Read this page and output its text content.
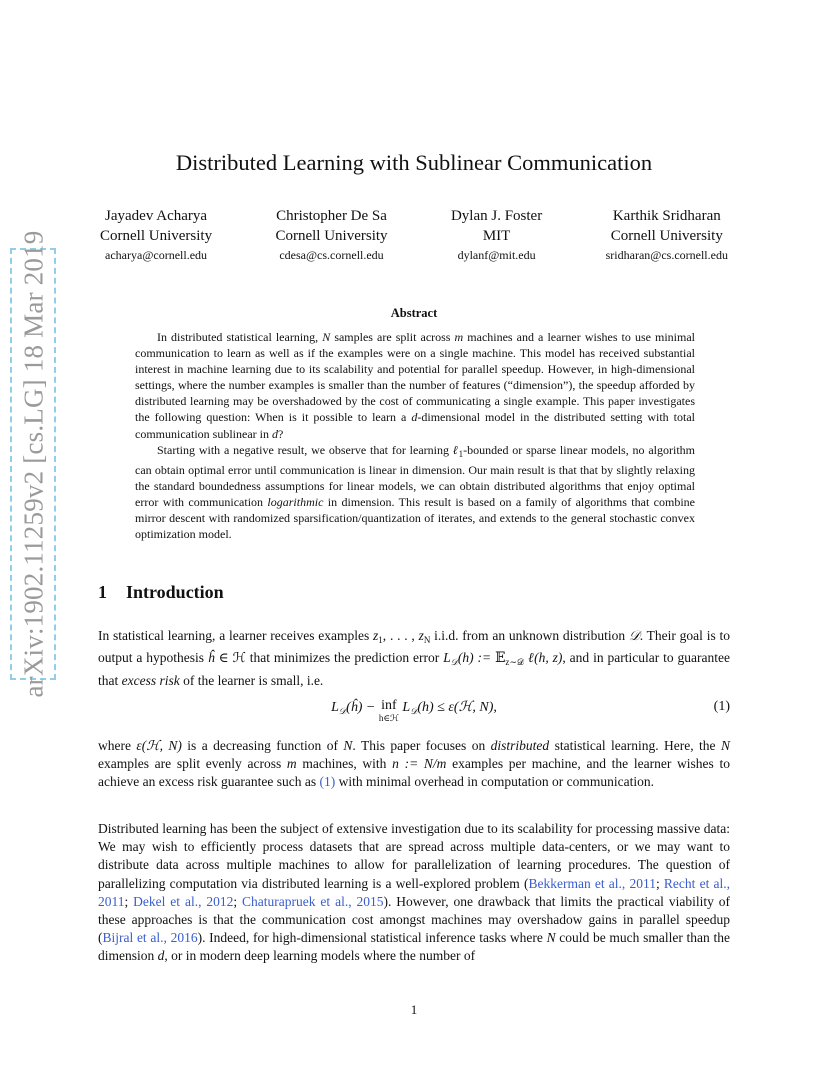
arXiv:1902.11259v2 [cs.LG] 18 Mar 2019
Distributed Learning with Sublinear Communication
Jayadev Acharya
Cornell University
acharya@cornell.edu
Christopher De Sa
Cornell University
cdesa@cs.cornell.edu
Dylan J. Foster
MIT
dylanf@mit.edu
Karthik Sridharan
Cornell University
sridharan@cs.cornell.edu
Abstract

In distributed statistical learning, N samples are split across m machines and a learner wishes to use minimal communication to learn as well as if the examples were on a single machine. This model has received substantial interest in machine learning due to its scalability and potential for parallel speedup. However, in high-dimensional settings, where the number examples is smaller than the number of features (“dimension”), the speedup afforded by distributed learning may be overshadowed by the cost of communicating a single example. This paper investigates the following question: When is it possible to learn a d-dimensional model in the distributed setting with total communication sublinear in d?

Starting with a negative result, we observe that for learning ℓ$_1$-bounded or sparse linear models, no algorithm can obtain optimal error until communication is linear in dimension. Our main result is that that by slightly relaxing the standard boundedness assumptions for linear models, we can obtain distributed algorithms that enjoy optimal error with communication logarithmic in dimension. This result is based on a family of algorithms that combine mirror descent with randomized sparsification/quantization of iterates, and extends to the general stochastic convex optimization model.

1 Introduction

In statistical learning, a learner receives examples $z_1$, . . . , $z_N$ i.i.d. from an unknown distribution 𝒟. Their goal is to output a hypothesis ĥ ∈ ℋ that minimizes the prediction error $L_𝒟(h)$ := 𝔼$_{z\sim 𝒟}$ ℓ(h, z), and in particular to guarantee that excess risk of the learner is small, i.e.

$L_𝒟(ĥ)$ − inf
h∈ℋ
$L_𝒟(h)$ ≤ ε(ℋ, N),	(1)

where ε(ℋ, N) is a decreasing function of N. This paper focuses on distributed statistical learning. Here, the N examples are split evenly across m machines, with n := N/m examples per machine, and the learner wishes to achieve an excess risk guarantee such as (1) with minimal overhead in computation or communication.

Distributed learning has been the subject of extensive investigation due to its scalability for processing massive data: We may wish to efficiently process datasets that are spread across multiple data-centers, or we may want to distribute data across multiple machines to allow for parallelization of learning procedures. The question of parallelizing computation via distributed learning is a well-explored problem (Bekkerman et al., 2011; Recht et al., 2011; Dekel et al., 2012; Chaturapruek et al., 2015). However, one drawback that limits the practical viability of these approaches is that the communication cost amongst machines may overshadow gains in parallel speedup (Bijral et al., 2016). Indeed, for high-dimensional statistical inference tasks where N could be much smaller than the dimension d, or in modern deep learning models where the number of

1
